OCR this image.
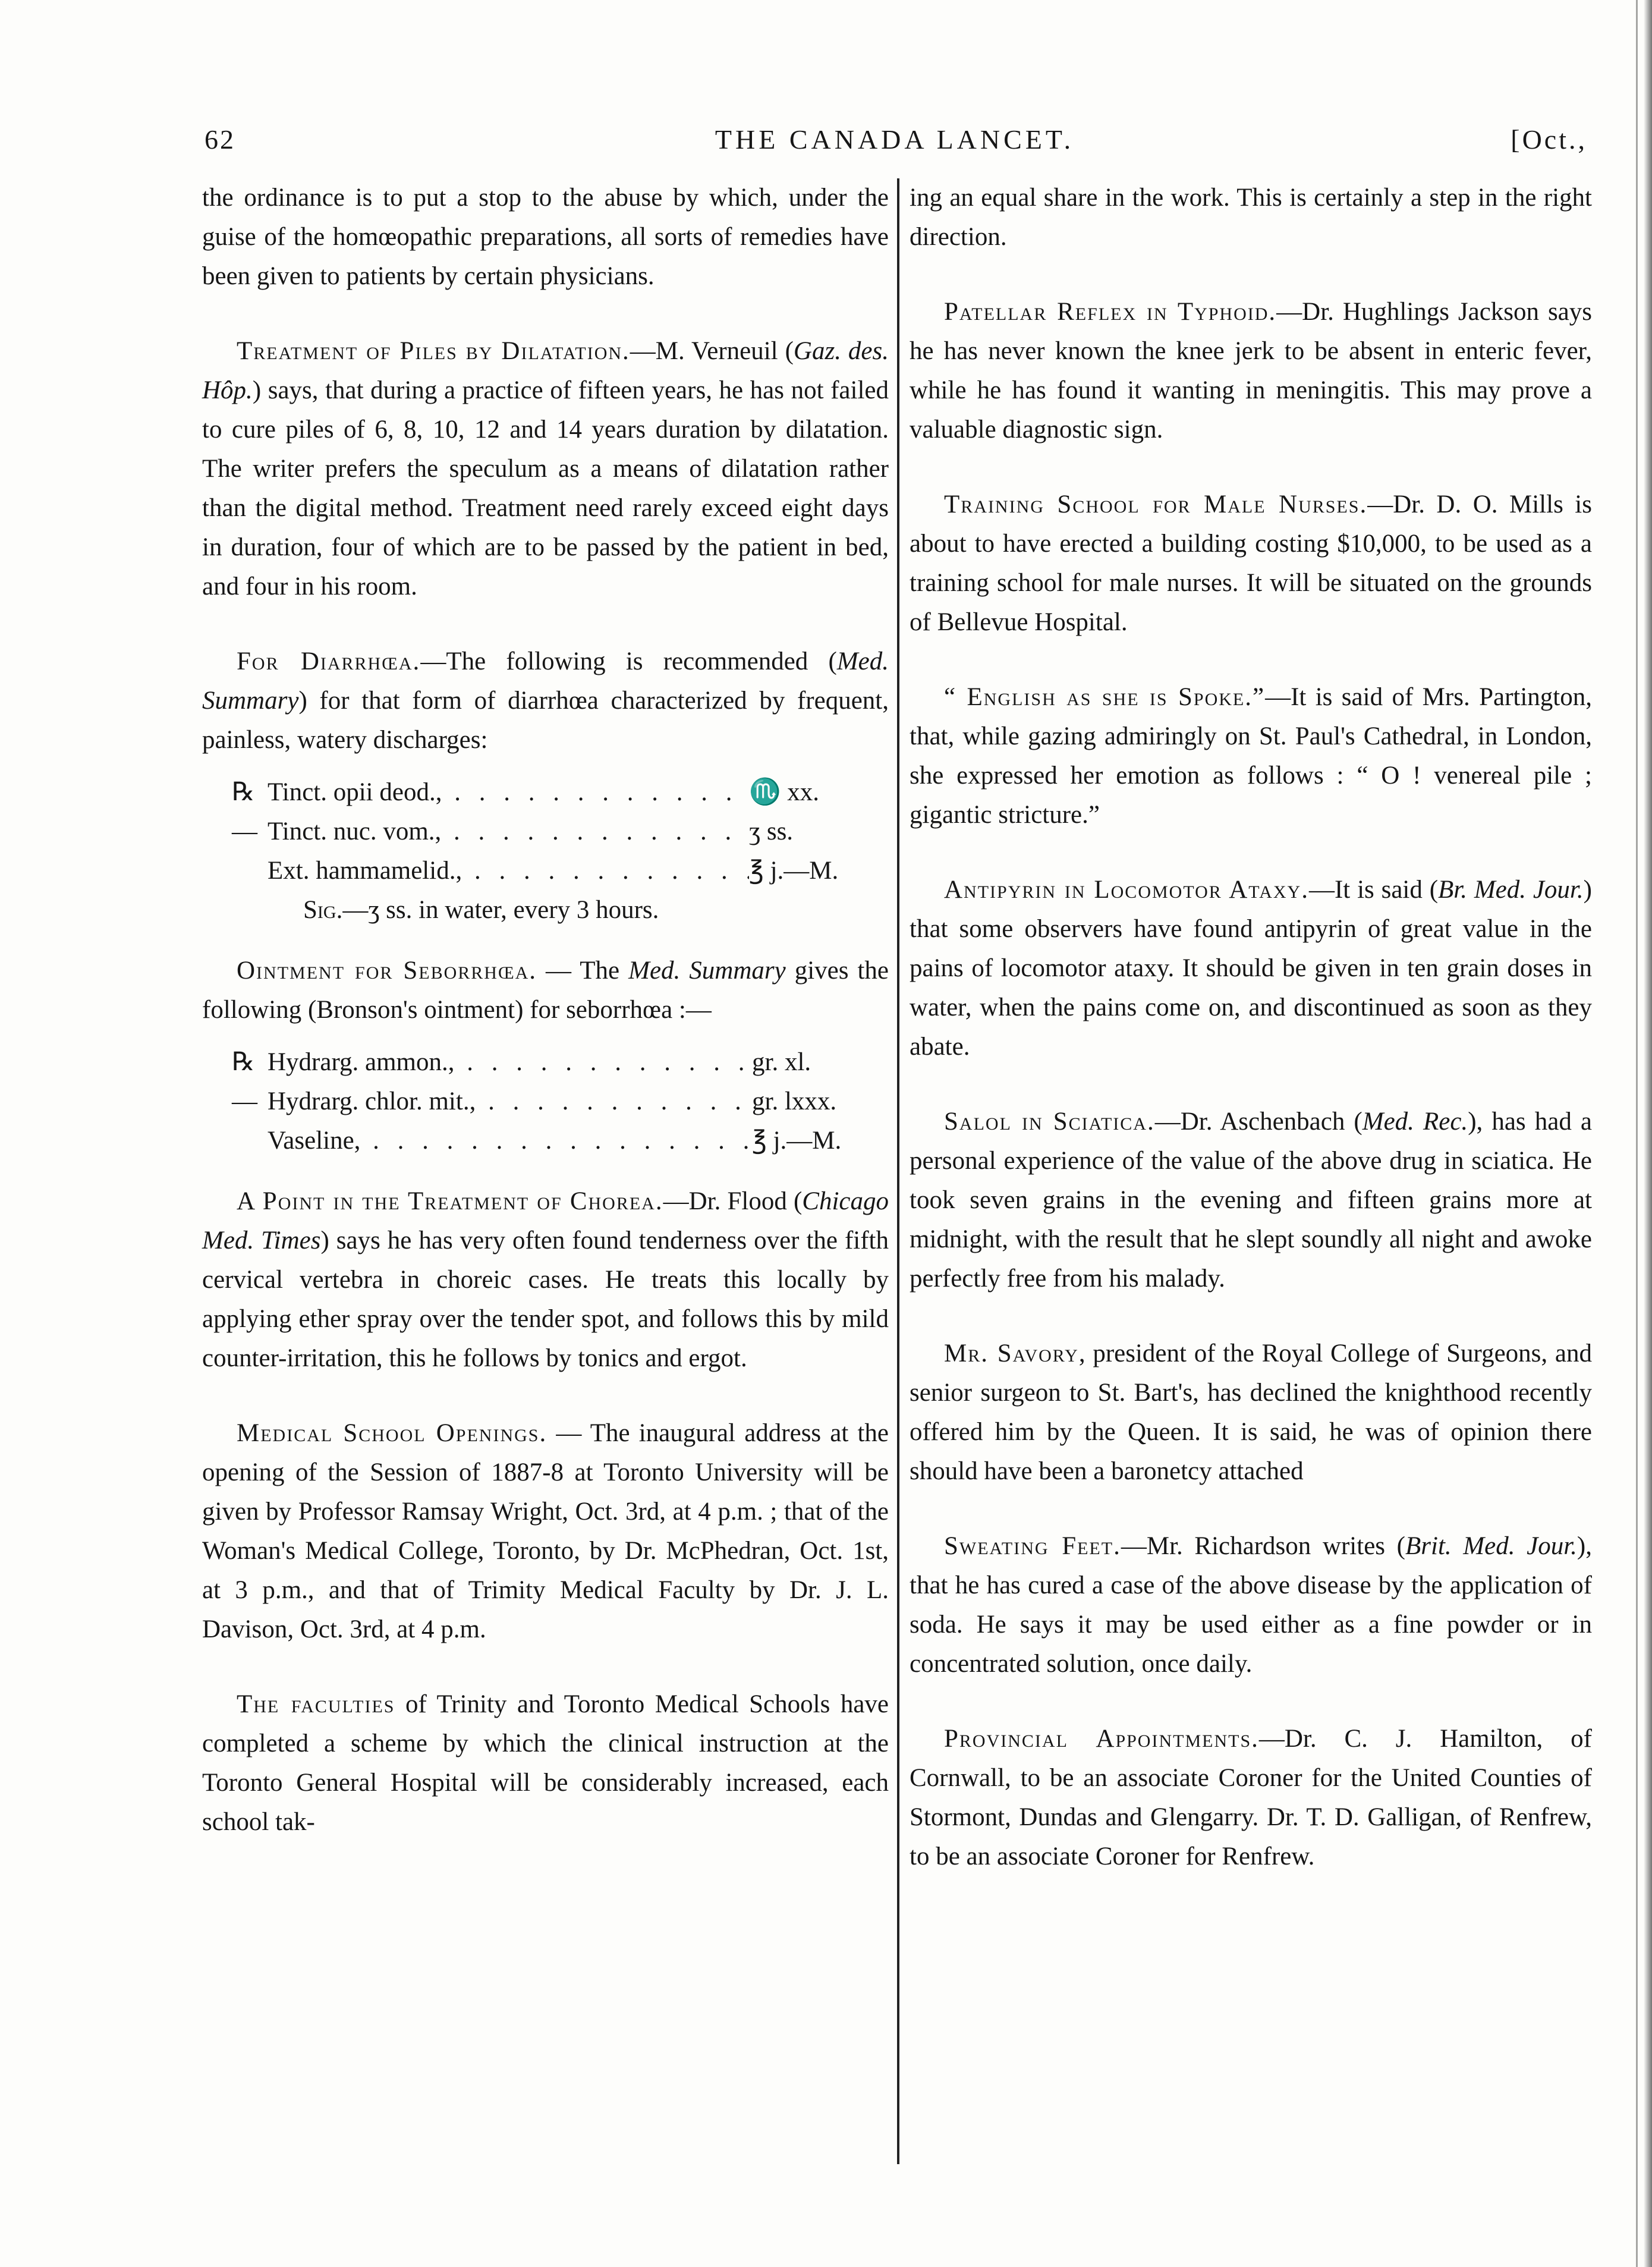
62	THE CANADA LANCET.	[Oct.,

the ordinance is to put a stop to the abuse by which, under the guise of the homœopathic preparations, all sorts of remedies have been given to patients by certain physicians.

Treatment of Piles by Dilatation.—M. Verneuil (Gaz. des. Hôp.) says, that during a practice of fifteen years, he has not failed to cure piles of 6, 8, 10, 12 and 14 years duration by dilatation. The writer prefers the speculum as a means of dilatation rather than the digital method. Treatment need rarely exceed eight days in duration, four of which are to be passed by the patient in bed, and four in his room.

For Diarrhœa.—The following is recommended (Med. Summary) for that form of diarrhœa characterized by frequent, painless, watery discharges:

℞—
Tinct. opii deod., . . .	♏ xx.
Tinct. nuc. vom., . . .	ʒ ss.
Ext. hammamelid., . . .	℥ j.—M.
Sig.—ʒ ss. in water, every 3 hours.

Ointment for Seborrhœa. — The Med. Summary gives the following (Bronson's ointment) for seborrhœa :—

℞—
Hydrarg. ammon., . . .	gr. xl.
Hydrarg. chlor. mit., . . .	gr. lxxx.
Vaseline, . . .	℥ j.—M.

A Point in the Treatment of Chorea.—Dr. Flood (Chicago Med. Times) says he has very often found tenderness over the fifth cervical vertebra in choreic cases. He treats this locally by applying ether spray over the tender spot, and follows this by mild counter-irritation, this he follows by tonics and ergot.

Medical School Openings. — The inaugural address at the opening of the Session of 1887-8 at Toronto University will be given by Professor Ramsay Wright, Oct. 3rd, at 4 p.m. ; that of the Woman's Medical College, Toronto, by Dr. McPhedran, Oct. 1st, at 3 p.m., and that of Trimity Medical Faculty by Dr. J. L. Davison, Oct. 3rd, at 4 p.m.

The faculties of Trinity and Toronto Medical Schools have completed a scheme by which the clinical instruction at the Toronto General Hospital will be considerably increased, each school tak-

ing an equal share in the work. This is certainly a step in the right direction.

Patellar Reflex in Typhoid.—Dr. Hughlings Jackson says he has never known the knee jerk to be absent in enteric fever, while he has found it wanting in meningitis. This may prove a valuable diagnostic sign.

Training School for Male Nurses.—Dr. D. O. Mills is about to have erected a building costing $10,000, to be used as a training school for male nurses. It will be situated on the grounds of Bellevue Hospital.

“ English as she is Spoke.”—It is said of Mrs. Partington, that, while gazing admiringly on St. Paul's Cathedral, in London, she expressed her emotion as follows : “ O ! venereal pile ; gigantic stricture.”

Antipyrin in Locomotor Ataxy.—It is said (Br. Med. Jour.) that some observers have found antipyrin of great value in the pains of locomotor ataxy. It should be given in ten grain doses in water, when the pains come on, and discontinued as soon as they abate.

Salol in Sciatica.—Dr. Aschenbach (Med. Rec.), has had a personal experience of the value of the above drug in sciatica. He took seven grains in the evening and fifteen grains more at midnight, with the result that he slept soundly all night and awoke perfectly free from his malady.

Mr. Savory, president of the Royal College of Surgeons, and senior surgeon to St. Bart's, has declined the knighthood recently offered him by the Queen. It is said, he was of opinion there should have been a baronetcy attached

Sweating Feet.—Mr. Richardson writes (Brit. Med. Jour.), that he has cured a case of the above disease by the application of soda. He says it may be used either as a fine powder or in concentrated solution, once daily.

Provincial Appointments.—Dr. C. J. Hamilton, of Cornwall, to be an associate Coroner for the United Counties of Stormont, Dundas and Glengarry. Dr. T. D. Galligan, of Renfrew, to be an associate Coroner for Renfrew.
